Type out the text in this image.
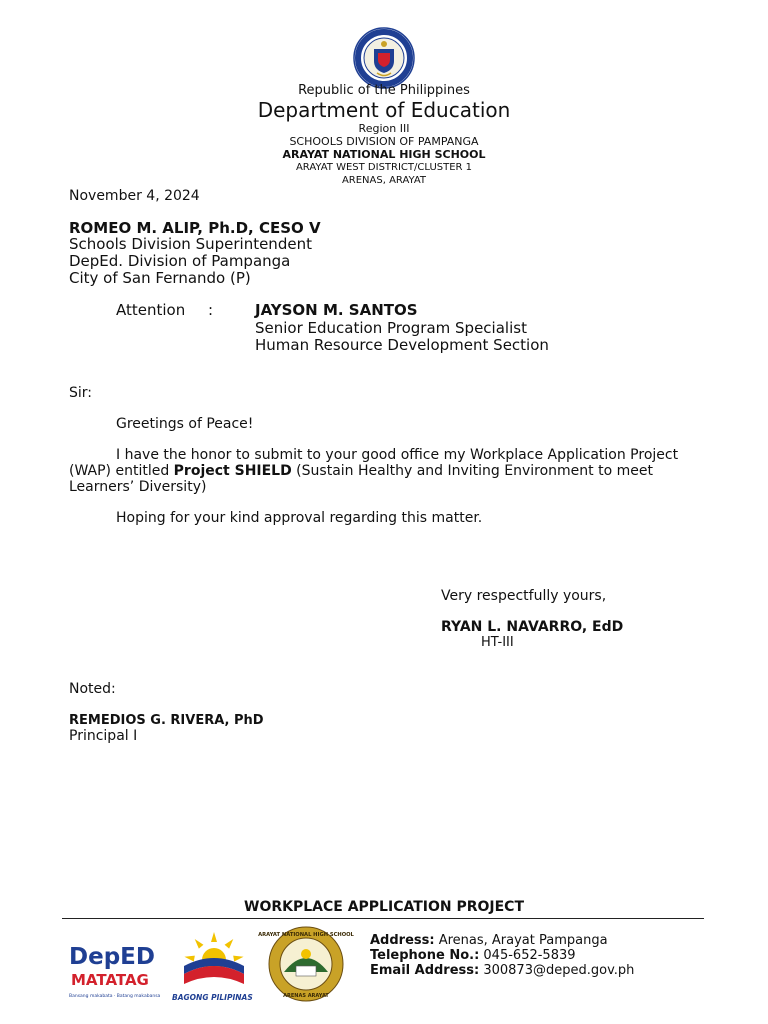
Republic of the Philippines
Department of Education
Region III
SCHOOLS DIVISION OF PAMPANGA
ARAYAT NATIONAL HIGH SCHOOL
ARAYAT WEST DISTRICT/CLUSTER 1
ARENAS, ARAYAT
November 4, 2024
ROMEO M. ALIP, Ph.D, CESO V
Schools Division Superintendent
DepEd. Division of Pampanga
City of San Fernando (P)
Attention :	JAYSON M. SANTOS
Senior Education Program Specialist
Human Resource Development Section
Sir:
Greetings of Peace!
I have the honor to submit to your good office my Workplace Application Project
(WAP) entitled Project SHIELD (Sustain Healthy and Inviting Environment to meet
Learners’ Diversity)
Hoping for your kind approval regarding this matter.
Very respectfully yours,
RYAN L. NAVARRO, EdD
HT-III
Noted:
REMEDIOS G. RIVERA, PhD
Principal I
WORKPLACE APPLICATION PROJECT
DepED
MATATAG
Bansang makabata · Batang makabansa BAGONG PILIPINAS
ARAYAT NATIONAL HIGH SCHOOL
ARENAS ARAYAT
Address: Arenas, Arayat Pampanga
Telephone No.: 045-652-5839
Email Address: 300873@deped.gov.ph
